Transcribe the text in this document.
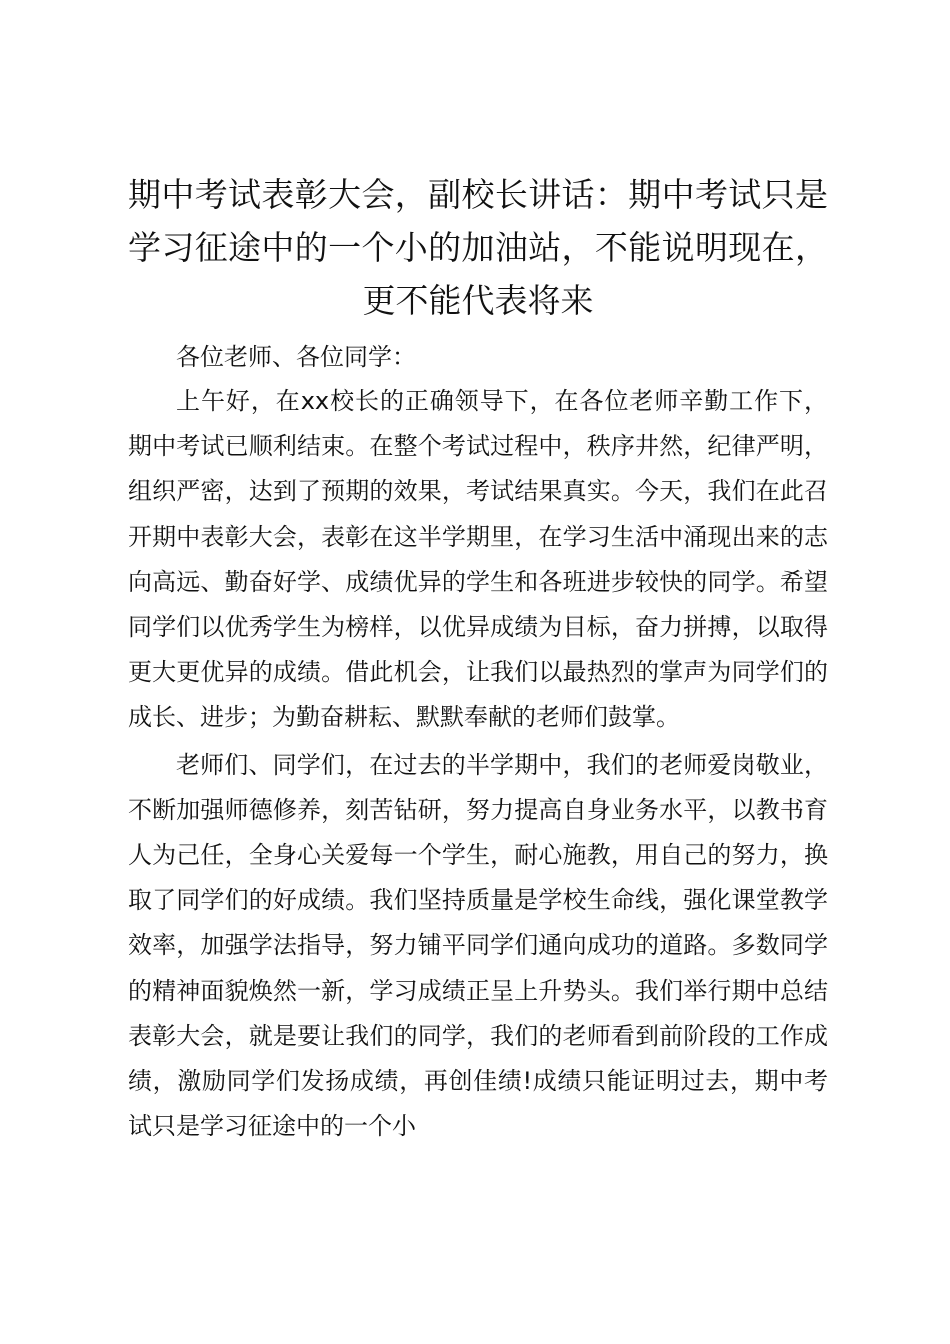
期中考试表彰大会，副校长讲话：期中考试只是学习征途中的一个小的加油站，不能说明现在，更不能代表将来

各位老师、各位同学：

上午好，在xx校长的正确领导下，在各位老师辛勤工作下，期中考试已顺利结束。在整个考试过程中，秩序井然，纪律严明，组织严密，达到了预期的效果，考试结果真实。今天，我们在此召开期中表彰大会，表彰在这半学期里，在学习生活中涌现出来的志向高远、勤奋好学、成绩优异的学生和各班进步较快的同学。希望同学们以优秀学生为榜样，以优异成绩为目标，奋力拼搏，以取得更大更优异的成绩。借此机会，让我们以最热烈的掌声为同学们的成长、进步；为勤奋耕耘、默默奉献的老师们鼓掌。

老师们、同学们，在过去的半学期中，我们的老师爱岗敬业，不断加强师德修养，刻苦钻研，努力提高自身业务水平，以教书育人为己任，全身心关爱每一个学生，耐心施教，用自己的努力，换取了同学们的好成绩。我们坚持质量是学校生命线，强化课堂教学效率，加强学法指导，努力铺平同学们通向成功的道路。多数同学的精神面貌焕然一新，学习成绩正呈上升势头。我们举行期中总结表彰大会，就是要让我们的同学，我们的老师看到前阶段的工作成绩，激励同学们发扬成绩，再创佳绩!成绩只能证明过去，期中考试只是学习征途中的一个小
